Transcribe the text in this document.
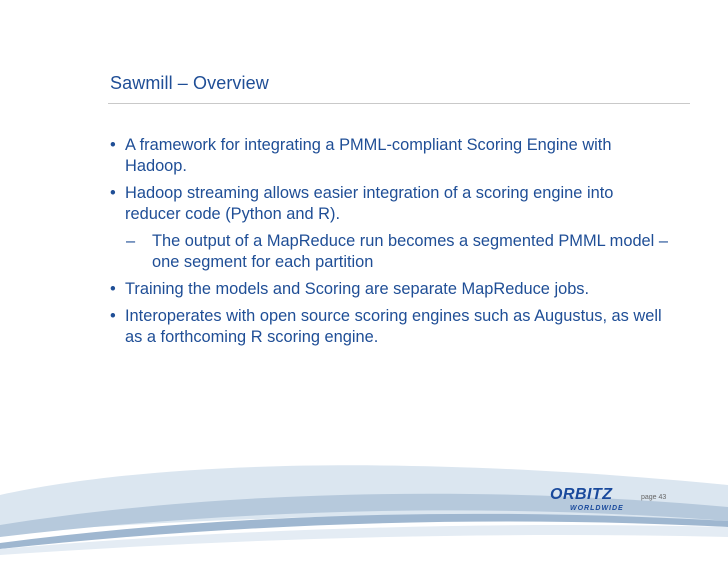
Sawmill – Overview
• A framework for integrating a PMML-compliant Scoring Engine with Hadoop.
• Hadoop streaming allows easier integration of a scoring engine into reducer code (Python and R).
– The output of a MapReduce run becomes a segmented PMML model – one segment for each partition
• Training the models and Scoring are separate MapReduce jobs.
• Interoperates with open source scoring engines such as Augustus, as well as a forthcoming R scoring engine.
ORBITZ
WORLDWIDE
page 43
